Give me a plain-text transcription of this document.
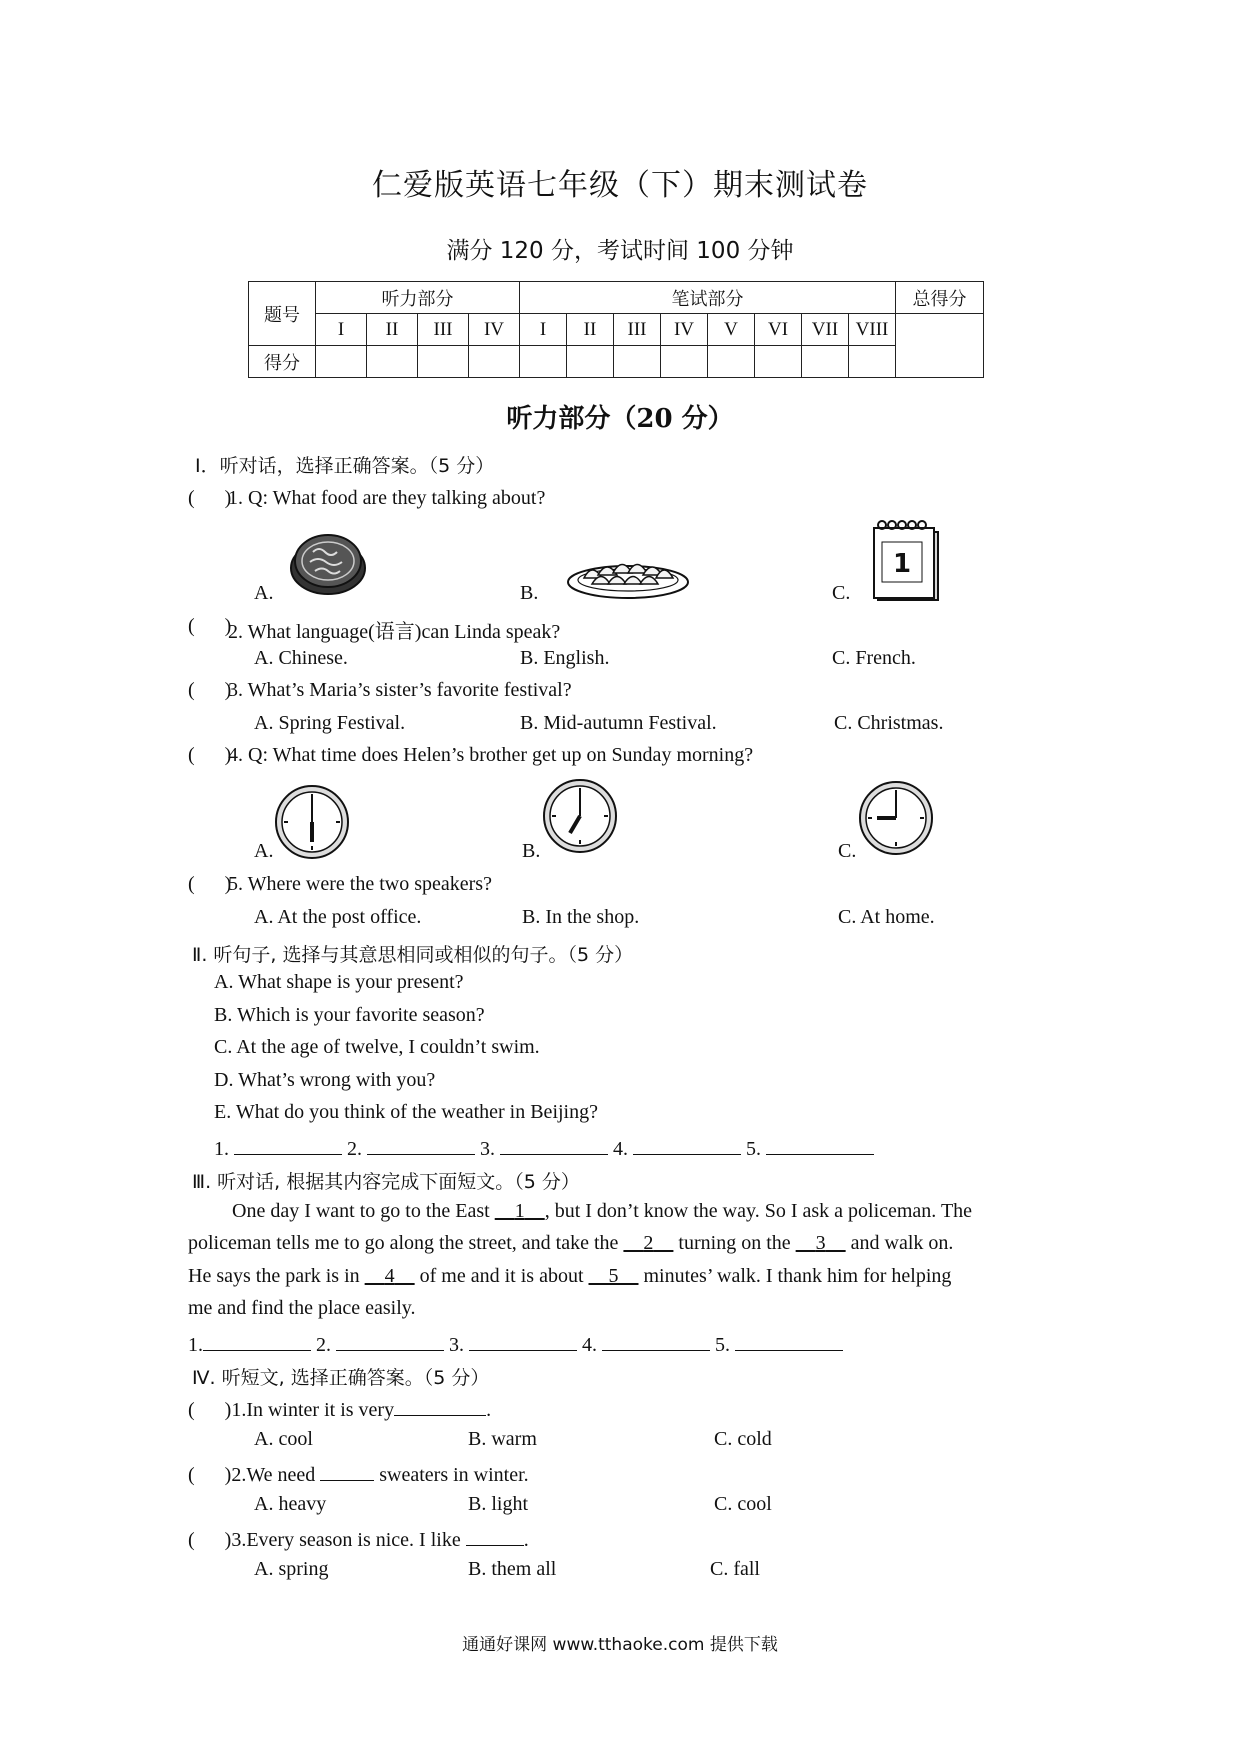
仁爱版英语七年级（下）期末测试卷
满分 120 分，考试时间 100 分钟
题号	听力部分				笔试部分								总得分
	I	II	III	IV	I	II	III	IV	V	VI	VII	VIII	
得分													
听力部分（20 分）
Ⅰ．听对话，选择正确答案。（5 分）
(      )
1. Q: What food are they talking about?
A.	B.	C.
1
(      )
2. What language(语言)can Linda speak?
A. Chinese.	B. English.	C. French.
(      )
3. What’s Maria’s sister’s favorite festival?
A. Spring Festival.	B. Mid-autumn Festival.	C. Christmas.
(      )
4. Q: What time does Helen’s brother get up on Sunday morning?
A.	B.	C.
(      )
5. Where were the two speakers?
A. At the post office.	B. In the shop.	C. At home.
Ⅱ. 听句子, 选择与其意思相同或相似的句子。（5 分）
A. What shape is your present?
B. Which is your favorite season?
C. At the age of twelve, I couldn’t swim.
D. What’s wrong with you?
E. What do you think of the weather in Beijing?
1.	2.	3.	4.	5.
Ⅲ. 听对话, 根据其内容完成下面短文。（5 分）
One day I want to go to the East     1 , but I don’t know the way. So I ask a policeman. The
policeman tells me to go along the street, and take the     2     turning on the     3     and walk on.
He says the park is in     4     of me and it is about     5     minutes’ walk. I thank him for helping
me and find the place easily.
1.	2.	3.	4.	5.
Ⅳ. 听短文, 选择正确答案。（5 分）
(      )1.In winter it is very	.
A. cool	B. warm	C. cold
(      )2.We need	sweaters in winter.
A. heavy	B. light	C. cool
(      )3.Every season is nice. I like	.
A. spring	B. them all	C. fall
通通好课网 www.tthaoke.com 提供下载
